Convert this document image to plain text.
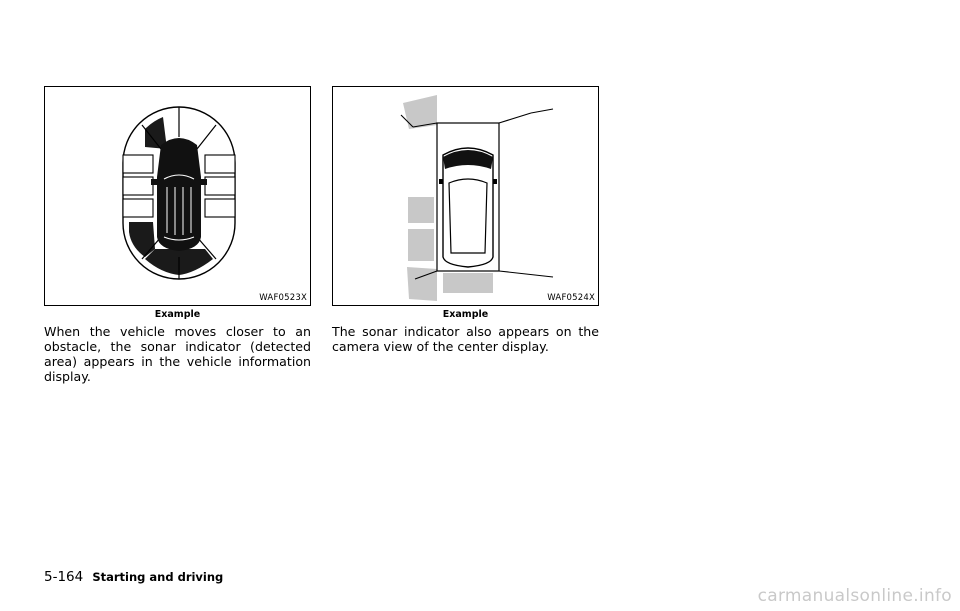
WAF0523X
Example
WAF0524X
Example

When the vehicle moves closer to an obstacle, the sonar indicator (detected area) appears in the vehicle information display.

The sonar indicator also appears on the camera view of the center display.

5-164 Starting and driving
carmanualsonline.info
